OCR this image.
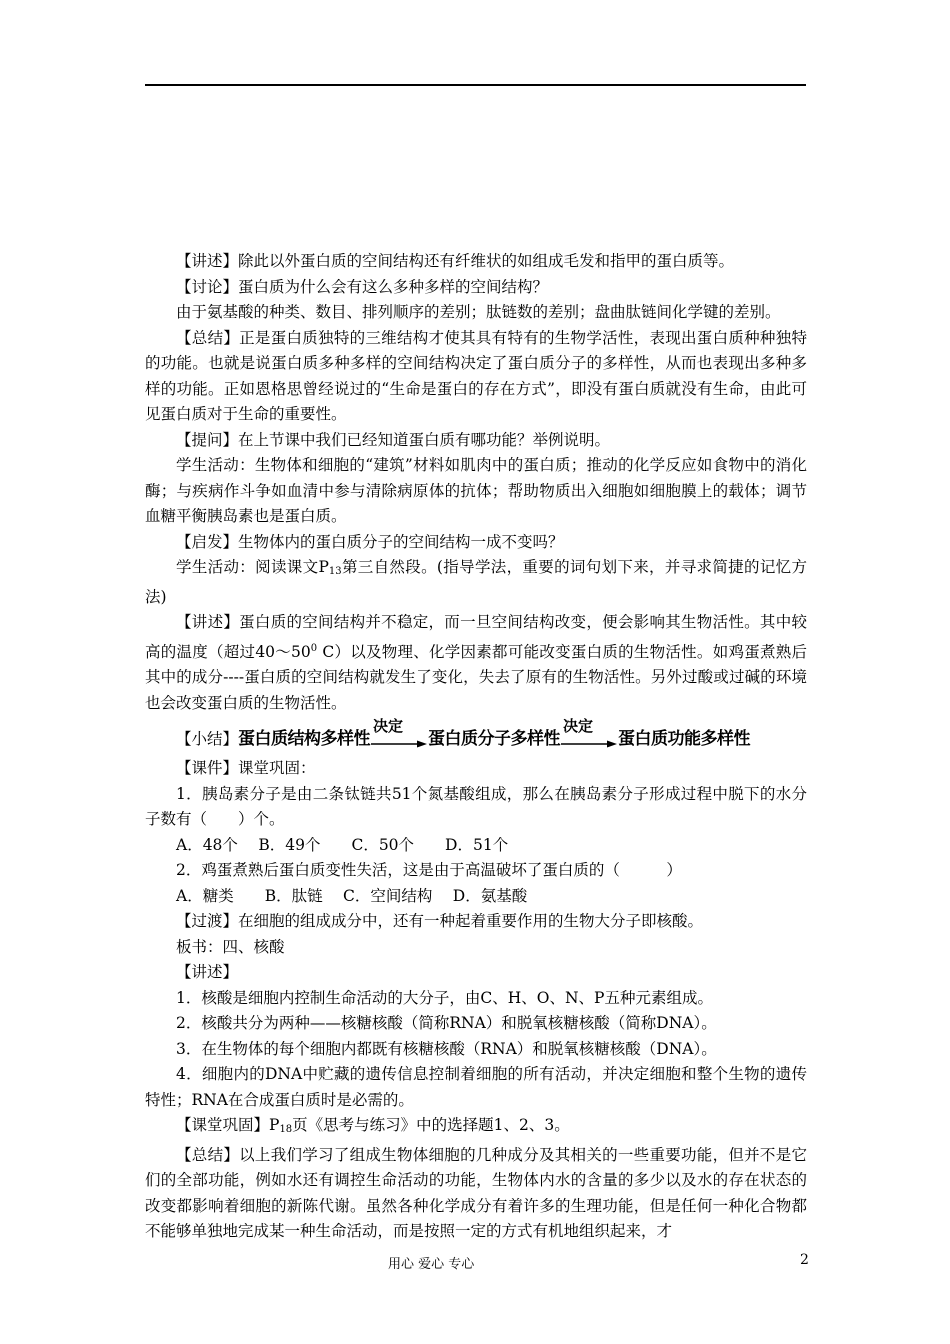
【讲述】除此以外蛋白质的空间结构还有纤维状的如组成毛发和指甲的蛋白质等。

【讨论】蛋白质为什么会有这么多种多样的空间结构？

由于氨基酸的种类、数目、排列顺序的差别；肽链数的差别；盘曲肽链间化学键的差别。

【总结】正是蛋白质独特的三维结构才使其具有特有的生物学活性，表现出蛋白质种种独特的功能。也就是说蛋白质多种多样的空间结构决定了蛋白质分子的多样性，从而也表现出多种多样的功能。正如恩格思曾经说过的“生命是蛋白的存在方式”，即没有蛋白质就没有生命，由此可见蛋白质对于生命的重要性。

【提问】在上节课中我们已经知道蛋白质有哪功能？举例说明。

学生活动：生物体和细胞的“建筑”材料如肌肉中的蛋白质；推动的化学反应如食物中的消化酶；与疾病作斗争如血清中参与清除病原体的抗体；帮助物质出入细胞如细胞膜上的载体；调节血糖平衡胰岛素也是蛋白质。

【启发】生物体内的蛋白质分子的空间结构一成不变吗？

学生活动：阅读课文$P_{13}$第三自然段。(指导学法，重要的词句划下来，并寻求简捷的记忆方法)

【讲述】蛋白质的空间结构并不稳定，而一旦空间结构改变，便会影响其生物活性。其中较高的温度（超过$40\sim 50^0$ C）以及物理、化学因素都可能改变蛋白质的生物活性。如鸡蛋煮熟后其中的成分----蛋白质的空间结构就发生了变化，失去了原有的生物活性。另外过酸或过碱的环境也会改变蛋白质的生物活性。

【小结】 蛋白质结构多样性
决定
蛋白质分子多样性
决定
蛋白质功能多样性

【课件】课堂巩固：

1．胰岛素分子是由二条钛链共51个氮基酸组成，那么在胰岛素分子形成过程中脱下的水分子数有（　　）个。

A．48个　 B．49个　　C．50个　　D．51个

2．鸡蛋煮熟后蛋白质变性失活，这是由于高温破坏了蛋白质的（　　　）

A．糖类　　B．肽链　 C．空间结构　 D．氨基酸

【过渡】在细胞的组成成分中，还有一种起着重要作用的生物大分子即核酸。

板书：四、核酸

【讲述】

1．核酸是细胞内控制生命活动的大分子，由C、H、O、N、P五种元素组成。

2．核酸共分为两种——核糖核酸（简称RNA）和脱氧核糖核酸（简称DNA）。

3．在生物体的每个细胞内都既有核糖核酸（RNA）和脱氧核糖核酸（DNA）。

4．细胞内的DNA中贮藏的遗传信息控制着细胞的所有活动，并决定细胞和整个生物的遗传特性；RNA在合成蛋白质时是必需的。

【课堂巩固】$P_{18}$页《思考与练习》中的选择题1、2、3。

【总结】以上我们学习了组成生物体细胞的几种成分及其相关的一些重要功能，但并不是它们的全部功能，例如水还有调控生命活动的功能，生物体内水的含量的多少以及水的存在状态的改变都影响着细胞的新陈代谢。虽然各种化学成分有着许多的生理功能，但是任何一种化合物都不能够单独地完成某一种生命活动，而是按照一定的方式有机地组织起来，才

用心 爱心 专心	2
